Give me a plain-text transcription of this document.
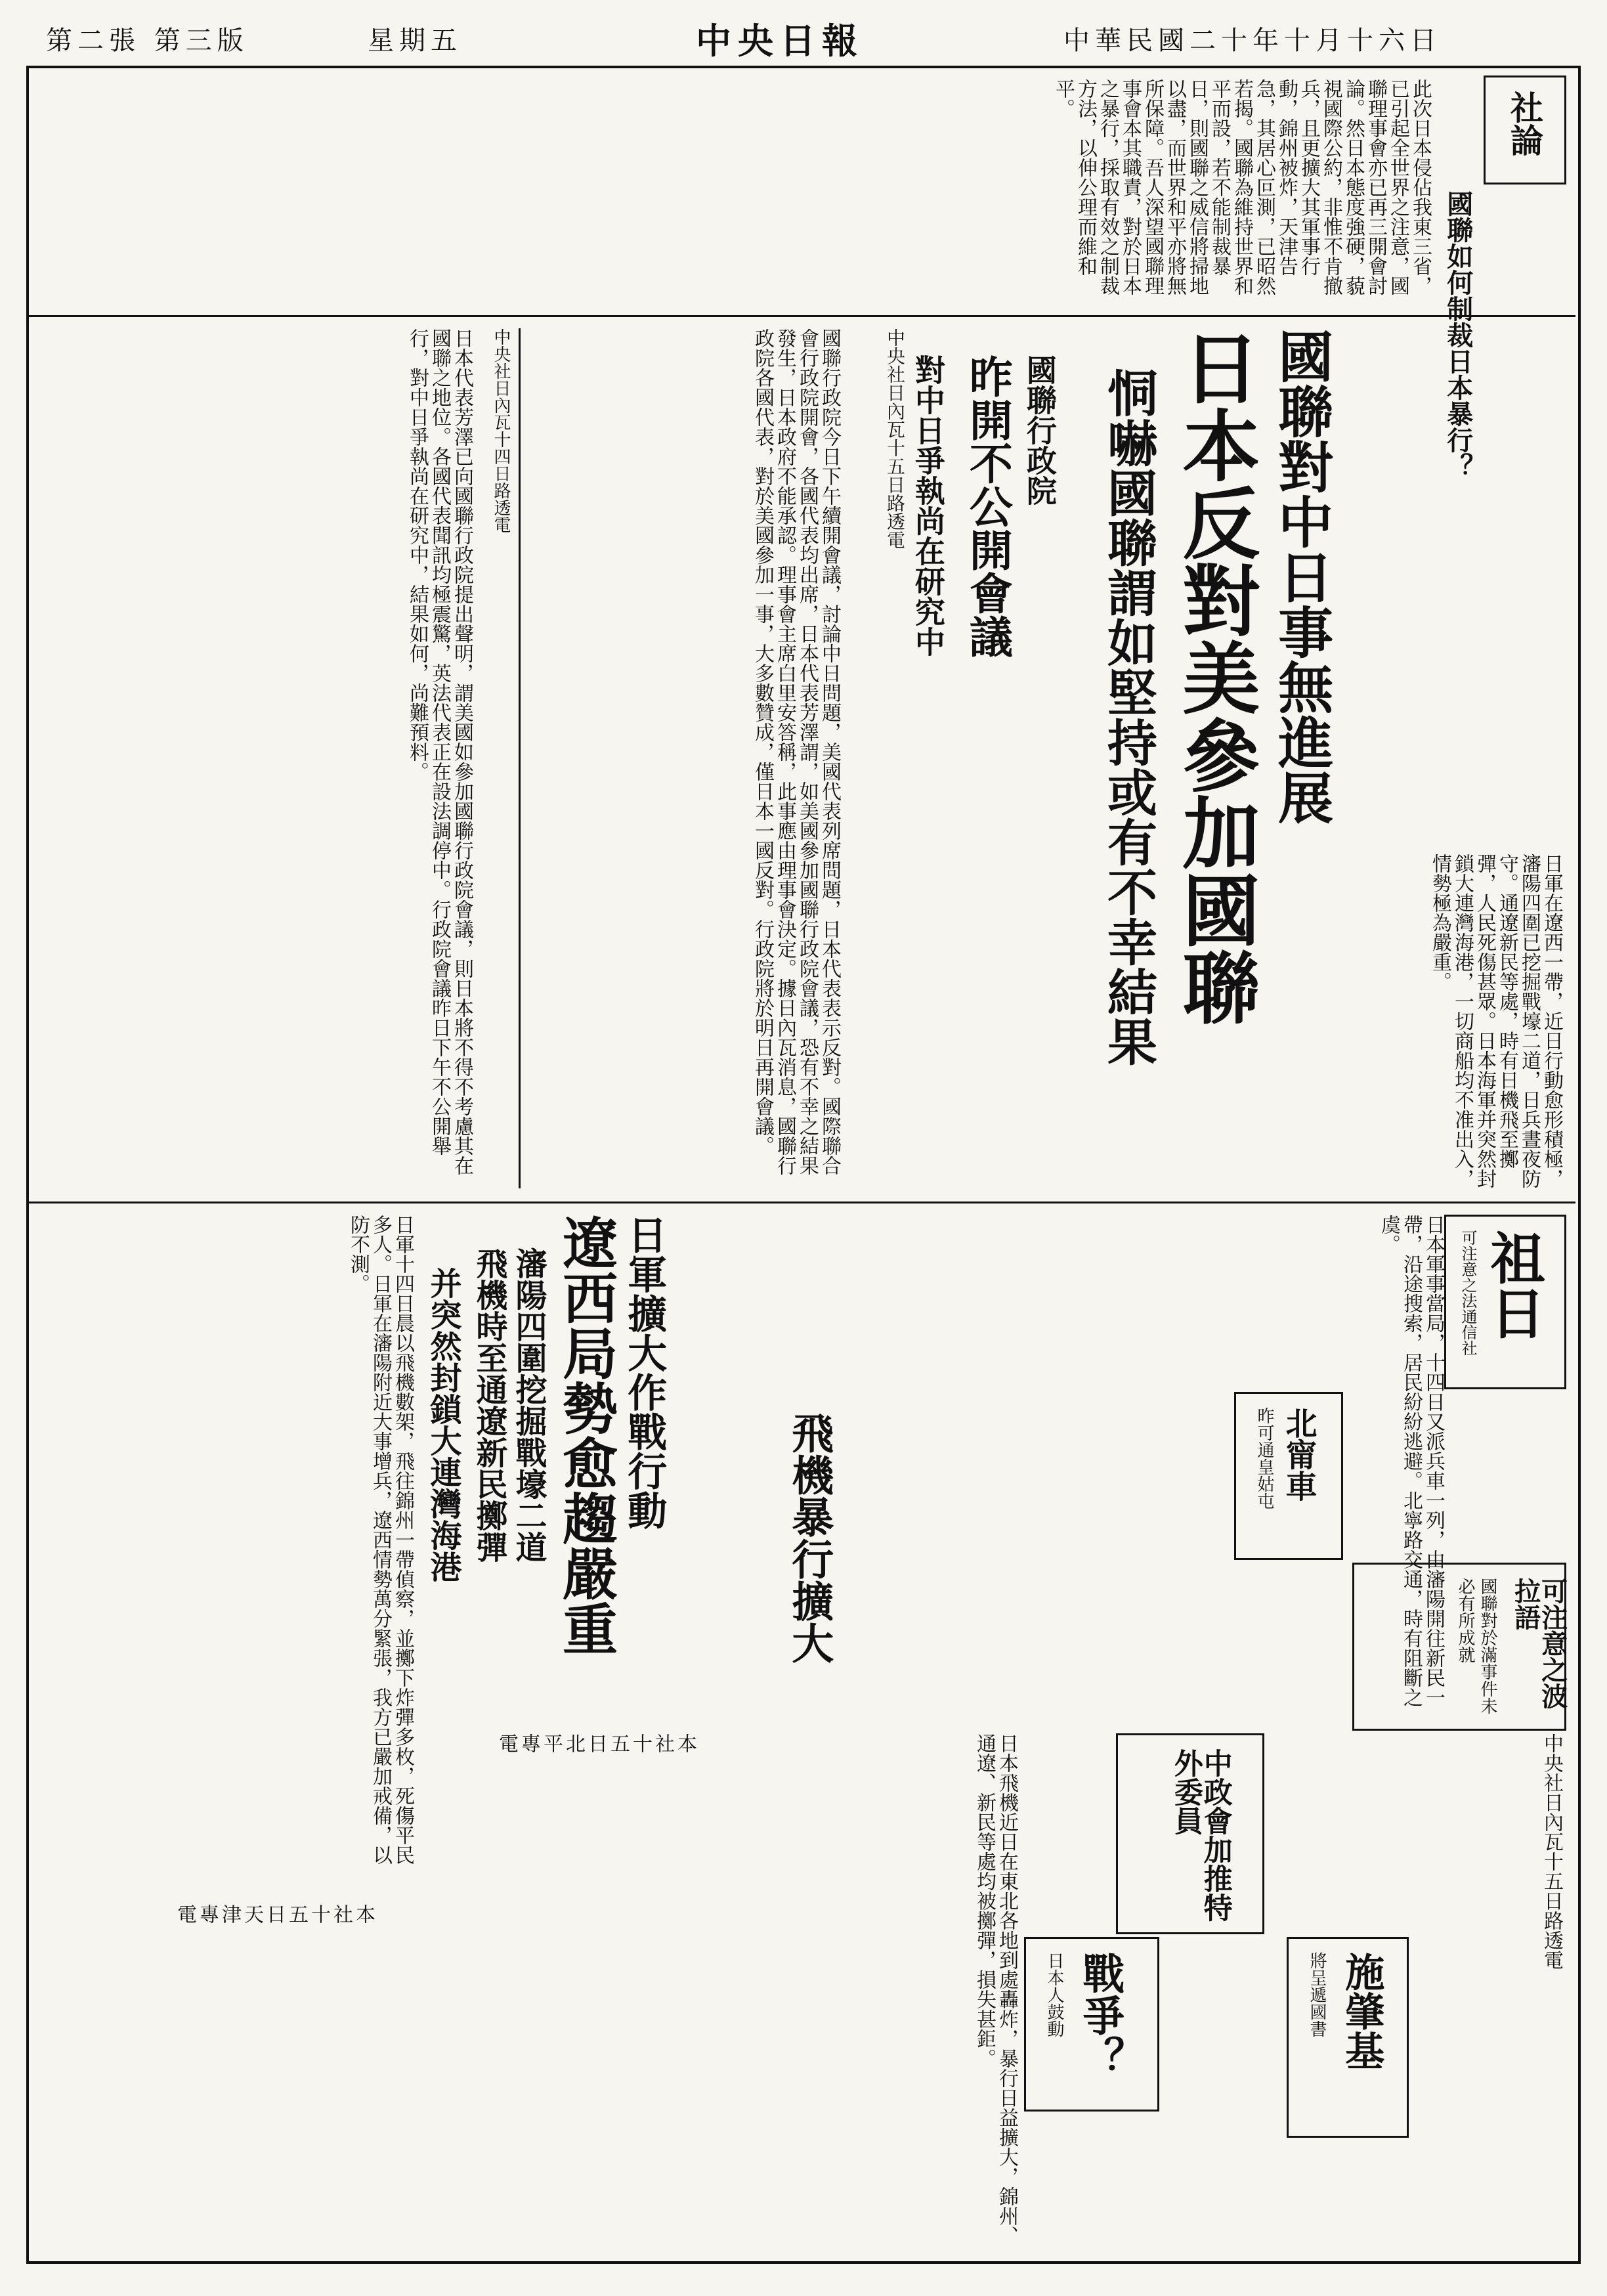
第二張 第三版	星期五	中央日報	中華民國二十年十月十六日
社論
國聯如何制裁日本暴行？
此次日本侵佔我東三省，已引起全世界之注意，國聯理事會亦已再三開會討論。然日本態度強硬，藐視國際公約，非惟不肯撤兵，且更擴大其軍事行動，錦州被炸，天津告急，其居心叵測，已昭然若揭。國聯為維持世界和平而設，若不能制裁暴日，則國聯之威信將掃地以盡，而世界和平亦將無所保障。吾人深望國聯理事會本其職責，對於日本之暴行，採取有效之制裁方法，以伸公理而維和平。
國聯對中日事無進展
日本反對美參加國聯
恫嚇國聯謂如堅持或有不幸結果
國聯行政院
昨開不公開會議
對中日爭執尚在研究中
中央社日內瓦十五日路透電
國聯行政院今日下午續開會議，討論中日問題，美國代表列席問題，日本代表表示反對。國際聯合會行政院開會，各國代表均出席，日本代表芳澤謂，如美國參加國聯行政院會議，恐有不幸之結果發生，日本政府不能承認。理事會主席白里安答稱，此事應由理事會決定。據日內瓦消息，國聯行政院各國代表，對於美國參加一事，大多數贊成，僅日本一國反對。行政院將於明日再開會議。
中央社日內瓦十四日路透電
日本代表芳澤已向國聯行政院提出聲明，謂美國如參加國聯行政院會議，則日本將不得不考慮其在國聯之地位。各國代表聞訊均極震驚，英法代表正在設法調停中。行政院會議昨日下午不公開舉行，對中日爭執尚在研究中，結果如何，尚難預料。
日軍在遼西一帶，近日行動愈形積極，瀋陽四圍已挖掘戰壕二道，日兵晝夜防守。通遼新民等處，時有日機飛至擲彈，人民死傷甚眾。日本海軍并突然封鎖大連灣海港，一切商船均不准出入，情勢極為嚴重。
日軍擴大作戰行動
遼西局勢愈趨嚴重
瀋陽四圍挖掘戰壕二道
飛機時至通遼新民擲彈
并突然封鎖大連灣海港
日軍十四日晨以飛機數架，飛往錦州一帶偵察，並擲下炸彈多枚，死傷平民多人。日軍在瀋陽附近大事增兵，遼西情勢萬分緊張，我方已嚴加戒備，以防不測。
本社十五日天津專電
日本軍事當局，十四日又派兵車一列，由瀋陽開往新民一帶，沿途搜索，居民紛紛逃避。北寧路交通，時有阻斷之虞。
本社十五日北平專電
飛機暴行擴大
日本飛機近日在東北各地到處轟炸，暴行日益擴大，錦州、通遼、新民等處均被擲彈，損失甚鉅。
祖日
可注意之法通信社
北甯車
昨可通皇姑屯
可注意之波拉語
國聯對於滿事件未必有所成就
中政會加推特外委員
戰爭？
日本人鼓動	施肇基
將呈遞國書
中央社日內瓦十五日路透電
